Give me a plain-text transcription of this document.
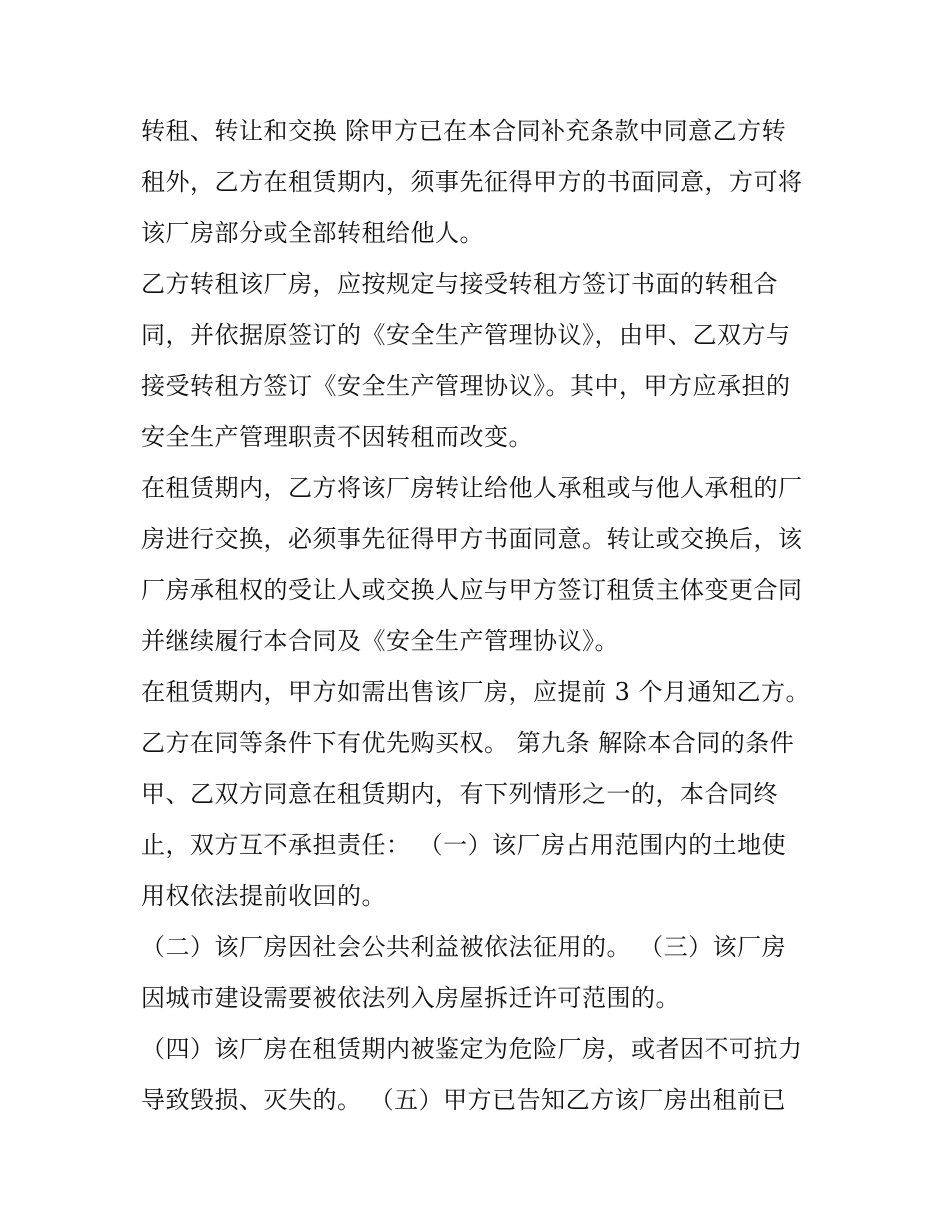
转租、转让和交换 除甲方已在本合同补充条款中同意乙方转
租外，乙方在租赁期内，须事先征得甲方的书面同意，方可将
该厂房部分或全部转租给他人。
乙方转租该厂房，应按规定与接受转租方签订书面的转租合
同，并依据原签订的《安全生产管理协议》，由甲、乙双方与
接受转租方签订《安全生产管理协议》。其中，甲方应承担的
安全生产管理职责不因转租而改变。
在租赁期内，乙方将该厂房转让给他人承租或与他人承租的厂
房进行交换，必须事先征得甲方书面同意。转让或交换后，该
厂房承租权的受让人或交换人应与甲方签订租赁主体变更合同
并继续履行本合同及《安全生产管理协议》。
在租赁期内，甲方如需出售该厂房，应提前 3 个月通知乙方。
乙方在同等条件下有优先购买权。 第九条 解除本合同的条件
甲、乙双方同意在租赁期内，有下列情形之一的，本合同终
止，双方互不承担责任： （一）该厂房占用范围内的土地使
用权依法提前收回的。
（二）该厂房因社会公共利益被依法征用的。 （三）该厂房
因城市建设需要被依法列入房屋拆迁许可范围的。
（四）该厂房在租赁期内被鉴定为危险厂房，或者因不可抗力
导致毁损、灭失的。 （五）甲方已告知乙方该厂房出租前已
